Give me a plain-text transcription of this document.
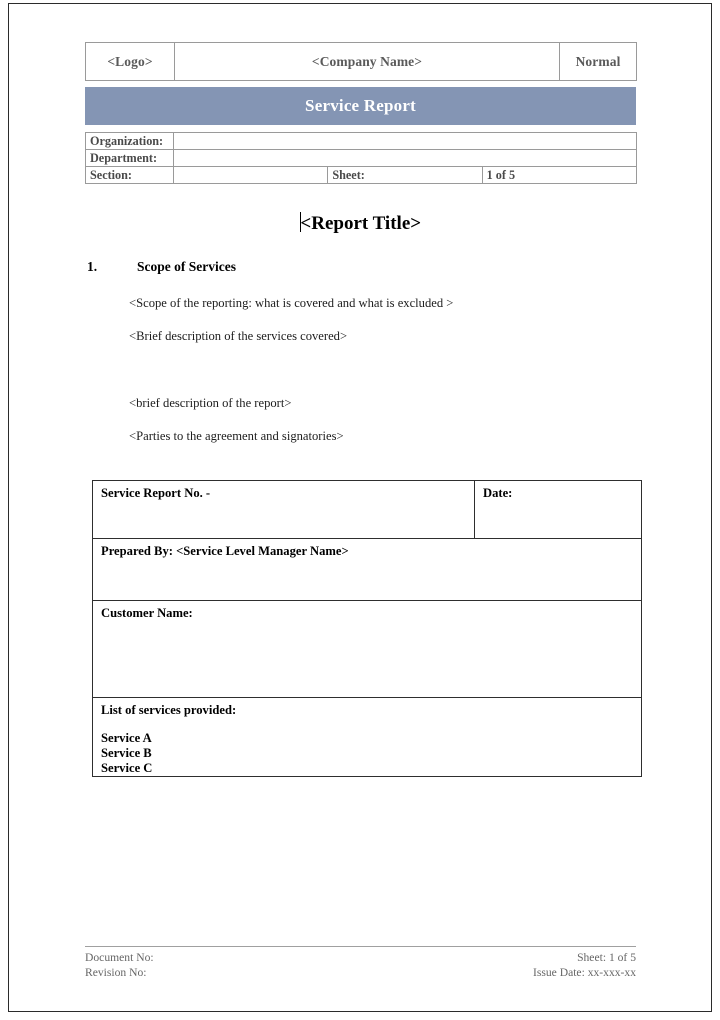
<Logo>	<Company Name>	Normal
Service Report
Organization:			
Department:			
Section:		Sheet:	1 of 5
<Report Title>
1.	Scope of Services
<Scope of the reporting: what is covered and what is excluded >
<Brief description of the services covered>
<brief description of the report>
<Parties to the agreement and signatories>
Service Report No. -	Date:
Prepared By: <Service Level Manager Name>
Customer Name:
List of services provided:
Service A
Service B
Service C
Document No:	Sheet: 1 of 5
Revision No:	Issue Date: xx-xxx-xx
